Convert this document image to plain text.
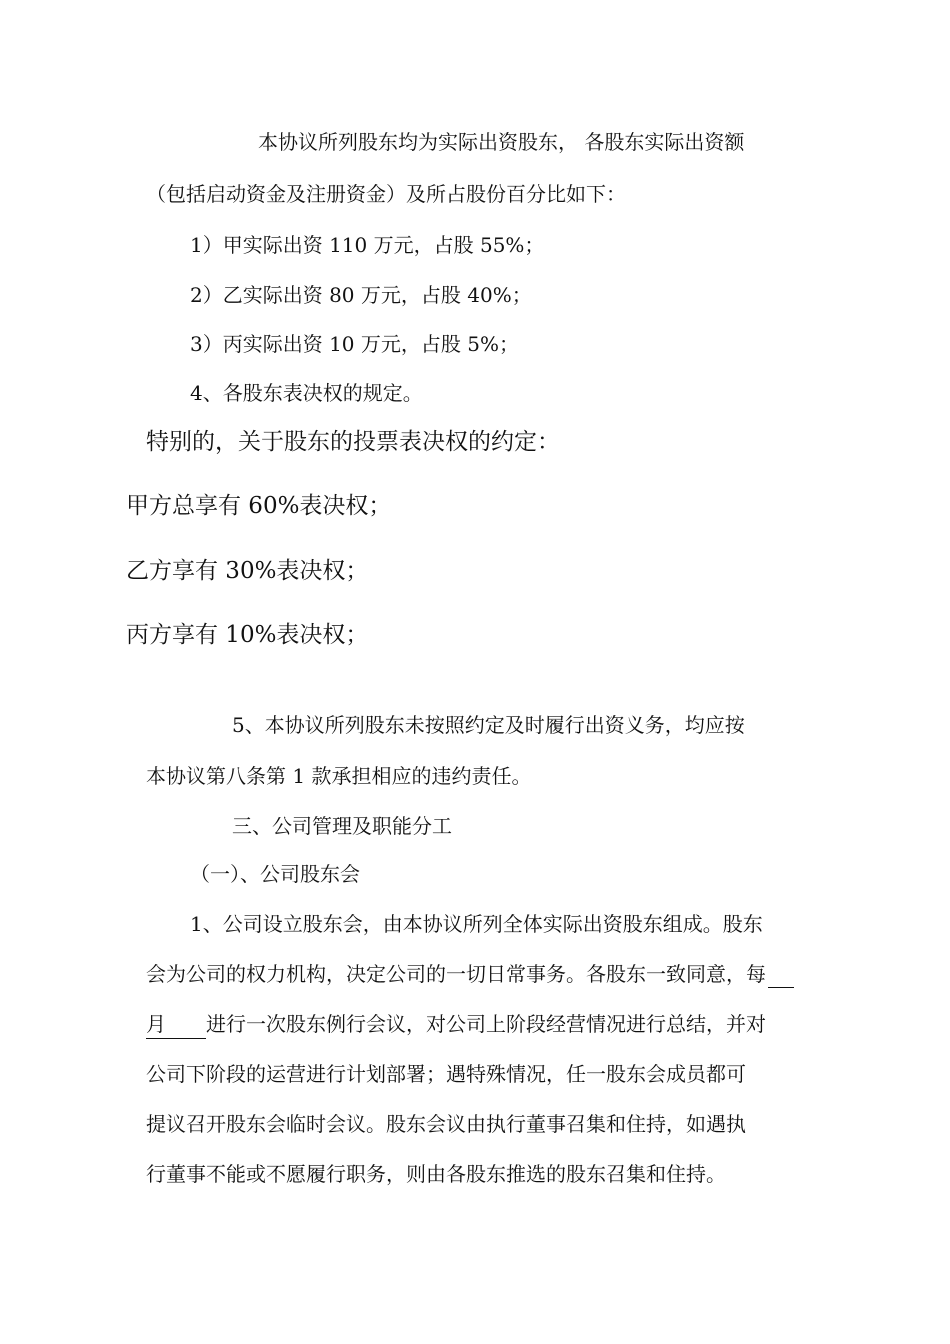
本协议所列股东均为实际出资股东， 各股东实际出资额
（包括启动资金及注册资金）及所占股份百分比如下：
1）甲实际出资 110 万元，占股 55%；
2）乙实际出资 80 万元，占股 40%；
3）丙实际出资 10 万元，占股 5%；
4、各股东表决权的规定。
特别的，关于股东的投票表决权的约定：
甲方总享有 60%表决权；
乙方享有 30%表决权；
丙方享有 10%表决权；
5、本协议所列股东未按照约定及时履行出资义务，均应按
本协议第八条第 1 款承担相应的违约责任。
三、公司管理及职能分工
（一）、公司股东会
1、公司设立股东会，由本协议所列全体实际出资股东组成。股东
会为公司的权力机构，决定公司的一切日常事务。各股东一致同意，每
月 进行一次股东例行会议，对公司上阶段经营情况进行总结，并对
公司下阶段的运营进行计划部署；遇特殊情况，任一股东会成员都可
提议召开股东会临时会议。股东会议由执行董事召集和住持，如遇执
行董事不能或不愿履行职务，则由各股东推选的股东召集和住持。
